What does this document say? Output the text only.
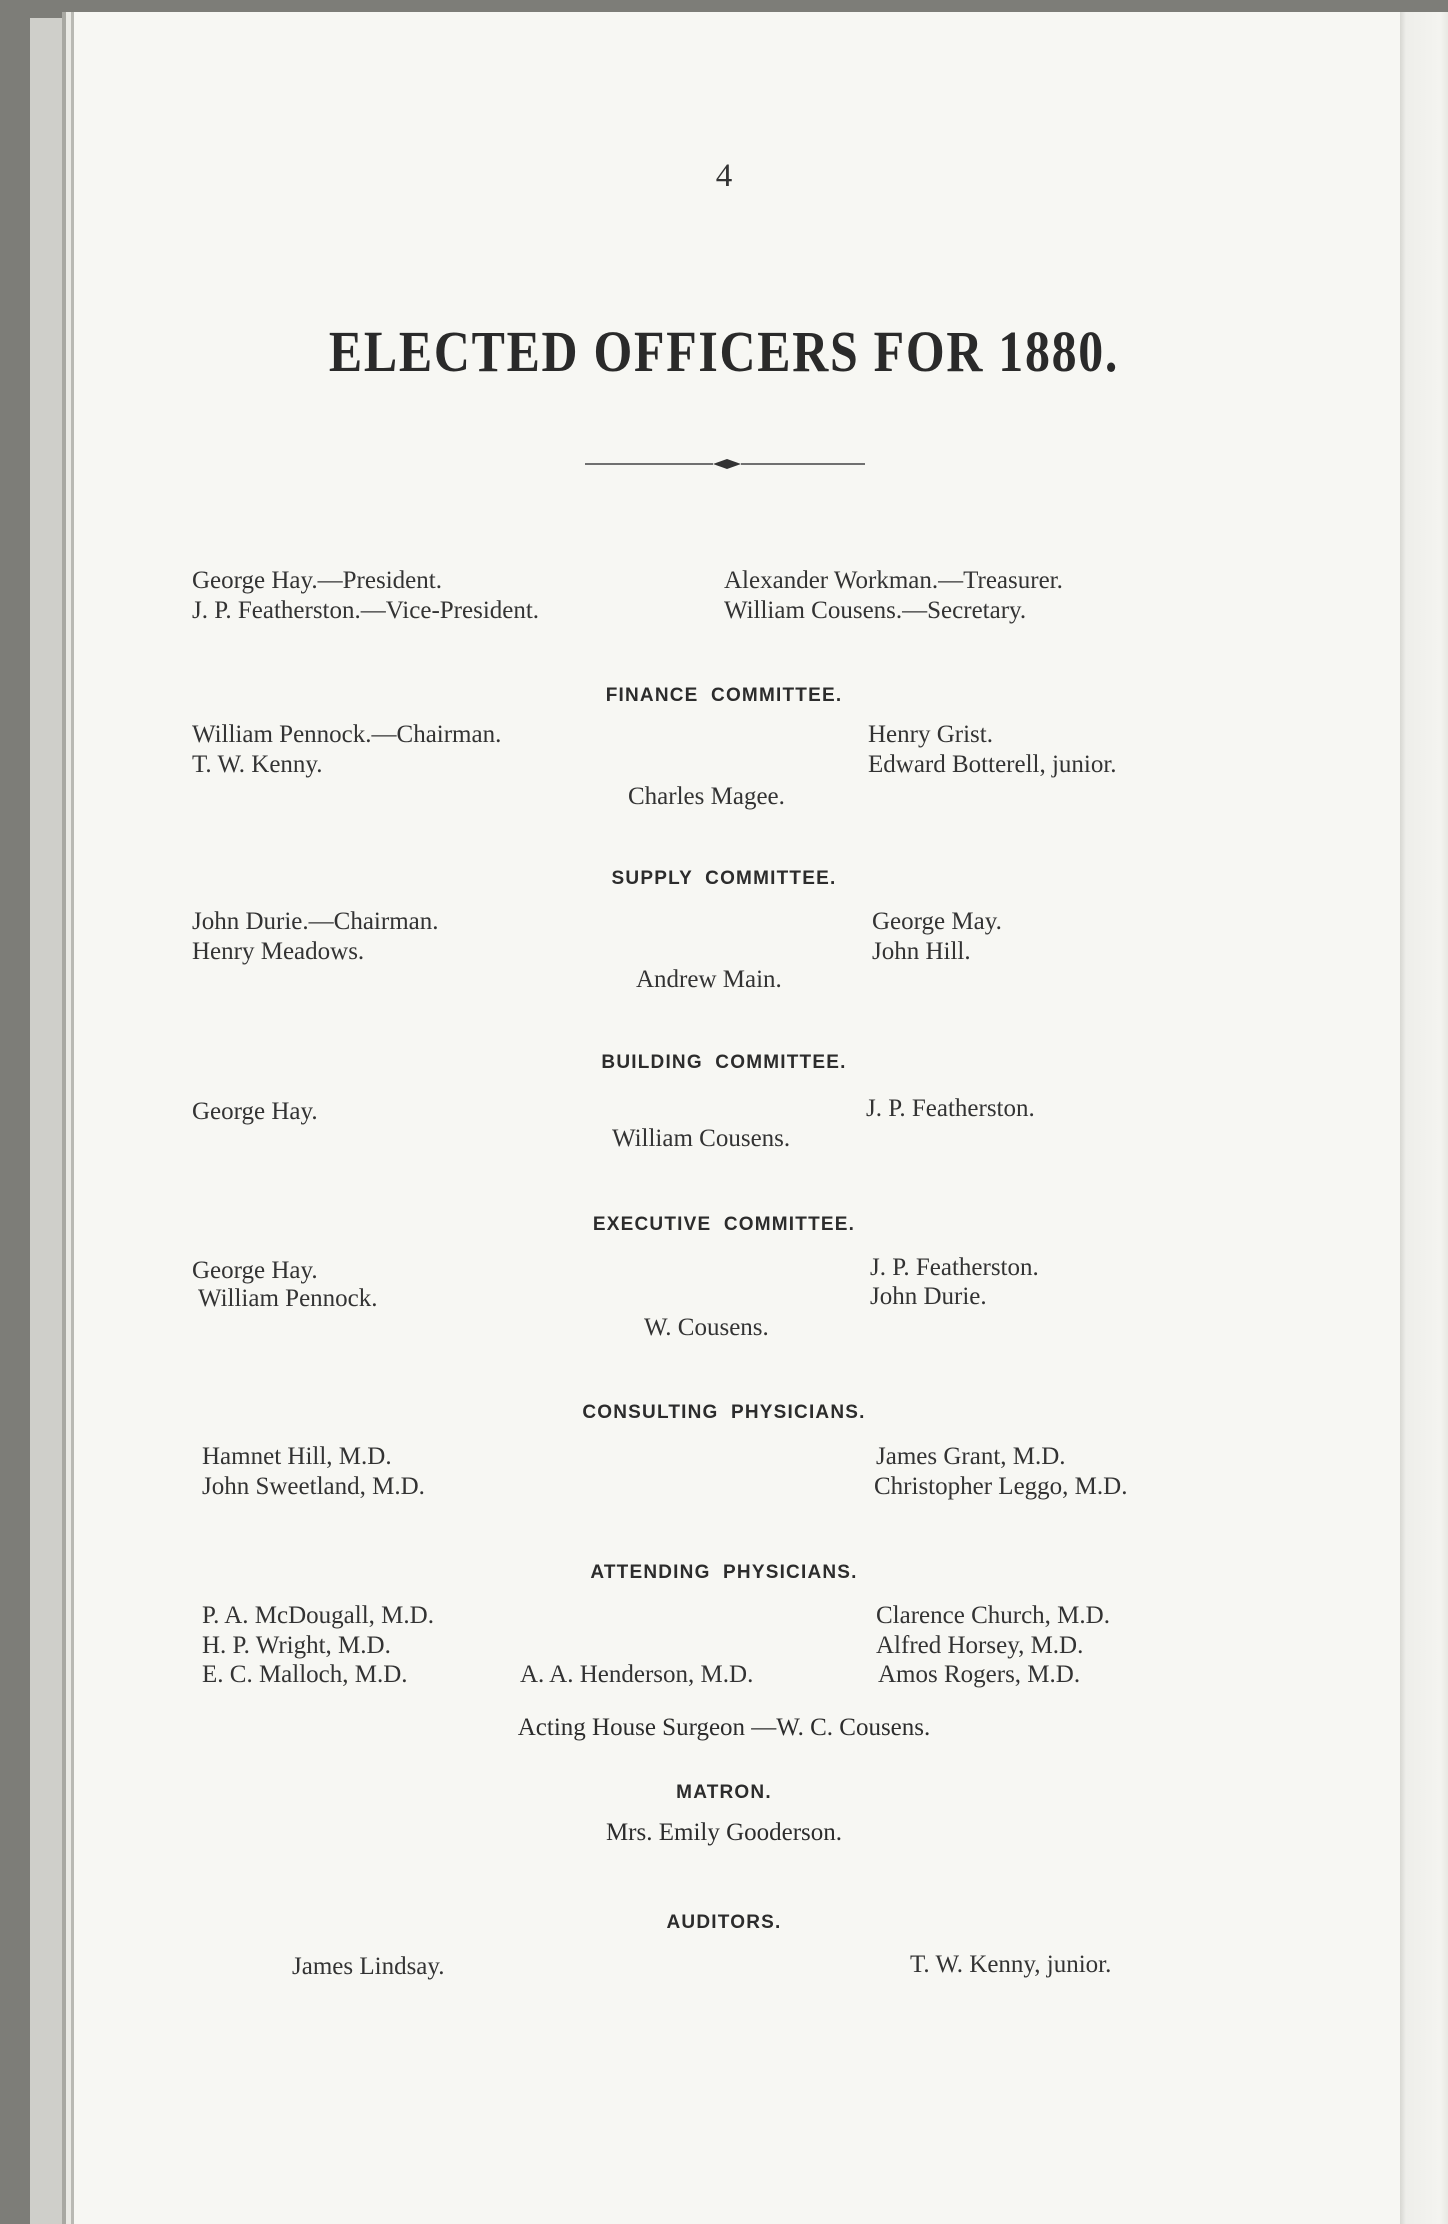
4
ELECTED OFFICERS FOR 1880.
George Hay.—President.
J. P. Featherston.—Vice-President.
Alexander Workman.—Treasurer.
William Cousens.—Secretary.
FINANCE COMMITTEE.
William Pennock.—Chairman.
T. W. Kenny.
Henry Grist.
Edward Botterell, junior.
Charles Magee.
SUPPLY COMMITTEE.
John Durie.—Chairman.
Henry Meadows.
George May.
John Hill.
Andrew Main.
BUILDING COMMITTEE.
George Hay.	J. P. Featherston.
William Cousens.
EXECUTIVE COMMITTEE.
George Hay.
William Pennock.
J. P. Featherston.
John Durie.
W. Cousens.
CONSULTING PHYSICIANS.
Hamnet Hill, M.D.
John Sweetland, M.D.
James Grant, M.D.
Christopher Leggo, M.D.
ATTENDING PHYSICIANS.
P. A. McDougall, M.D.
H. P. Wright, M.D.
E. C. Malloch, M.D.
Clarence Church, M.D.
Alfred Horsey, M.D.
Amos Rogers, M.D.
A. A. Henderson, M.D.
Acting House Surgeon —W. C. Cousens.
MATRON.
Mrs. Emily Gooderson.
AUDITORS.
James Lindsay.	T. W. Kenny, junior.
